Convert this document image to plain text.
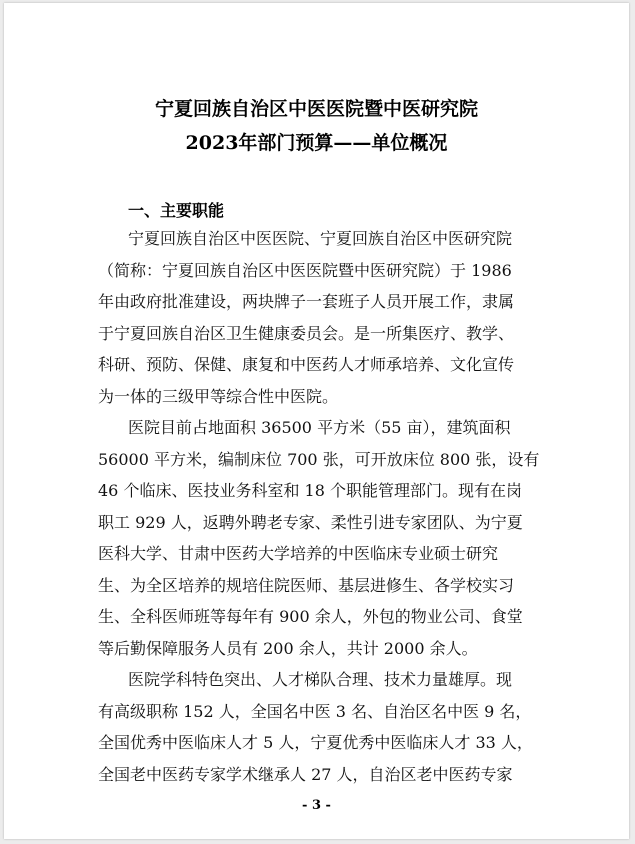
宁夏回族自治区中医医院暨中医研究院
2023年部门预算——单位概况
一、主要职能
宁夏回族自治区中医医院、宁夏回族自治区中医研究院
（简称：宁夏回族自治区中医医院暨中医研究院）于 1986
年由政府批准建设，两块牌子一套班子人员开展工作，隶属
于宁夏回族自治区卫生健康委员会。是一所集医疗、教学、
科研、预防、保健、康复和中医药人才师承培养、文化宣传
为一体的三级甲等综合性中医院。
医院目前占地面积 36500 平方米（55 亩），建筑面积
56000 平方米，编制床位 700 张，可开放床位 800 张，设有
46 个临床、医技业务科室和 18 个职能管理部门。现有在岗
职工 929 人，返聘外聘老专家、柔性引进专家团队、为宁夏
医科大学、甘肃中医药大学培养的中医临床专业硕士研究
生、为全区培养的规培住院医师、基层进修生、各学校实习
生、全科医师班等每年有 900 余人，外包的物业公司、食堂
等后勤保障服务人员有 200 余人，共计 2000 余人。
医院学科特色突出、人才梯队合理、技术力量雄厚。现
有高级职称 152 人，全国名中医 3 名、自治区名中医 9 名，
全国优秀中医临床人才 5 人，宁夏优秀中医临床人才 33 人，
全国老中医药专家学术继承人 27 人，自治区老中医药专家
- 3 -
